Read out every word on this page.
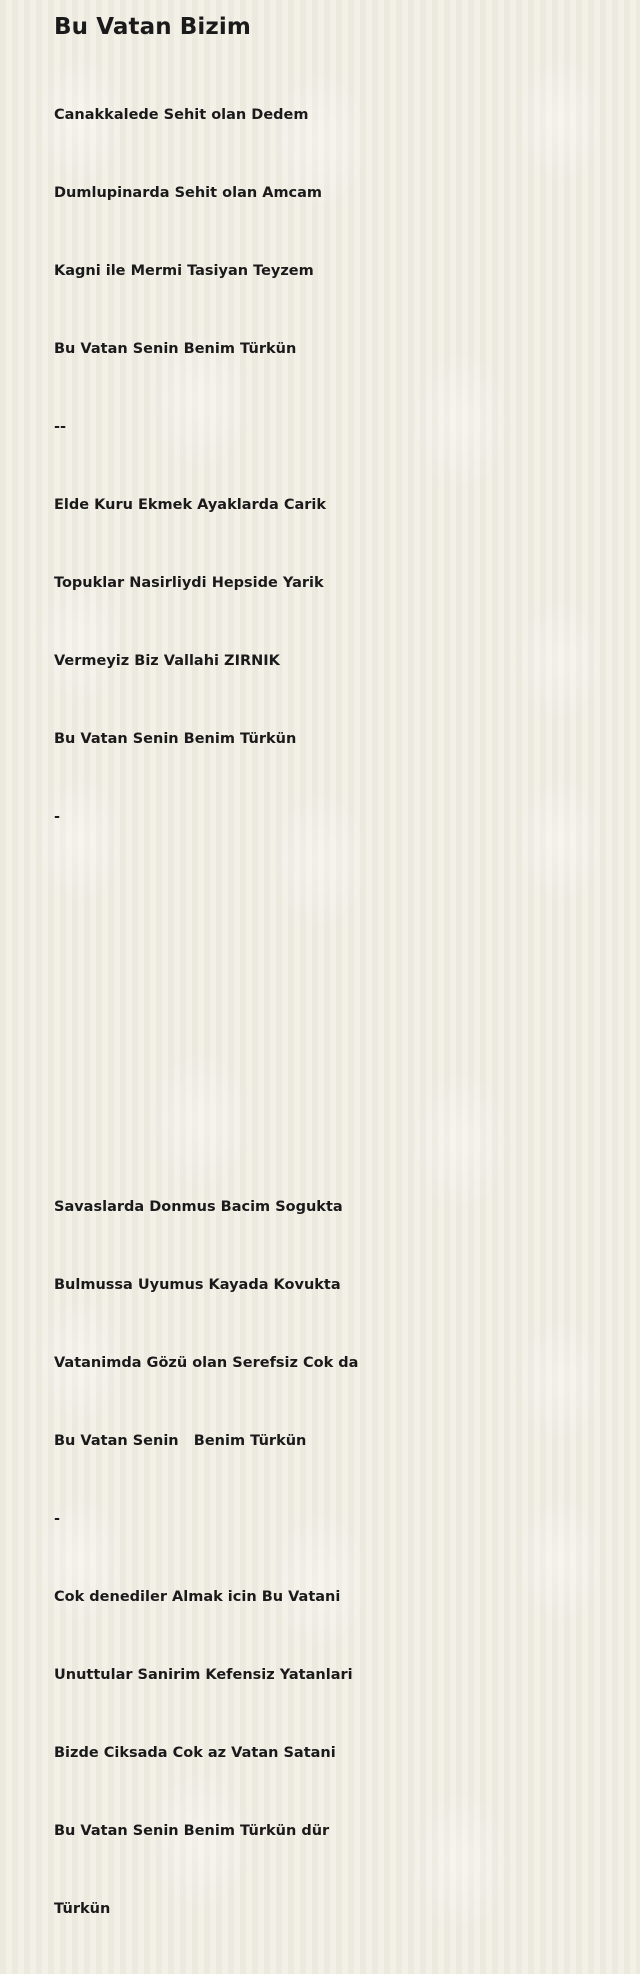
Bu Vatan Bizim

Canakkalede Sehit olan Dedem

Dumlupinarda Sehit olan Amcam

Kagni ile Mermi Tasiyan Teyzem

Bu Vatan Senin Benim Türkün

--

Elde Kuru Ekmek Ayaklarda Carik

Topuklar Nasirliydi Hepside Yarik

Vermeyiz Biz Vallahi ZIRNIK

Bu Vatan Senin Benim Türkün

-

Savaslarda Donmus Bacim Sogukta

Bulmussa Uyumus Kayada Kovukta

Vatanimda Gözü olan Serefsiz Cok da

Bu Vatan Senin   Benim Türkün

-

Cok denediler Almak icin Bu Vatani

Unuttular Sanirim Kefensiz Yatanlari

Bizde Ciksada Cok az Vatan Satani

Bu Vatan Senin Benim Türkün dür

Türkün
